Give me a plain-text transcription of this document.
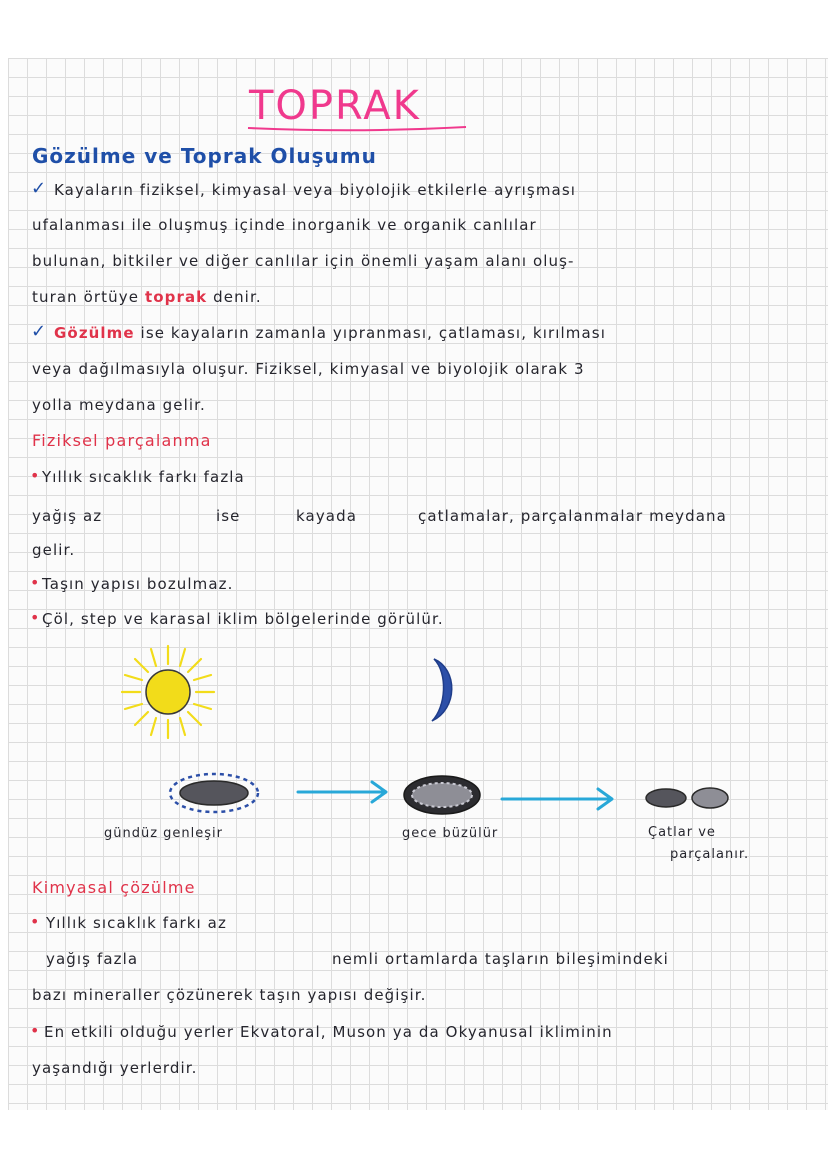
TOPRAK
Gözülme ve Toprak Oluşumu
✓ Kayaların fiziksel, kimyasal veya biyolojik etkilerle ayrışması
ufalanması ile oluşmuş içinde inorganik ve organik canlılar
bulunan, bitkiler ve diğer canlılar için önemli yaşam alanı oluş-
turan örtüye toprak denir.
✓ Gözülme ise kayaların zamanla yıpranması, çatlaması, kırılması
veya dağılmasıyla oluşur. Fiziksel, kimyasal ve biyolojik olarak 3
yolla meydana gelir.
Fiziksel parçalanma
• Yıllık sıcaklık farkı fazla
yağış az	ise	kayada	çatlamalar, parçalanmalar meydana
gelir.
• Taşın yapısı bozulmaz.
• Çöl, step ve karasal iklim bölgelerinde görülür.
gündüz genleşir	gece büzülür	Çatlar ve
parçalanır.
Kimyasal çözülme
• Yıllık sıcaklık farkı az
yağış fazla	nemli ortamlarda taşların bileşimindeki
bazı mineraller çözünerek taşın yapısı değişir.
• En etkili olduğu yerler Ekvatoral, Muson ya da Okyanusal ikliminin
yaşandığı yerlerdir.
